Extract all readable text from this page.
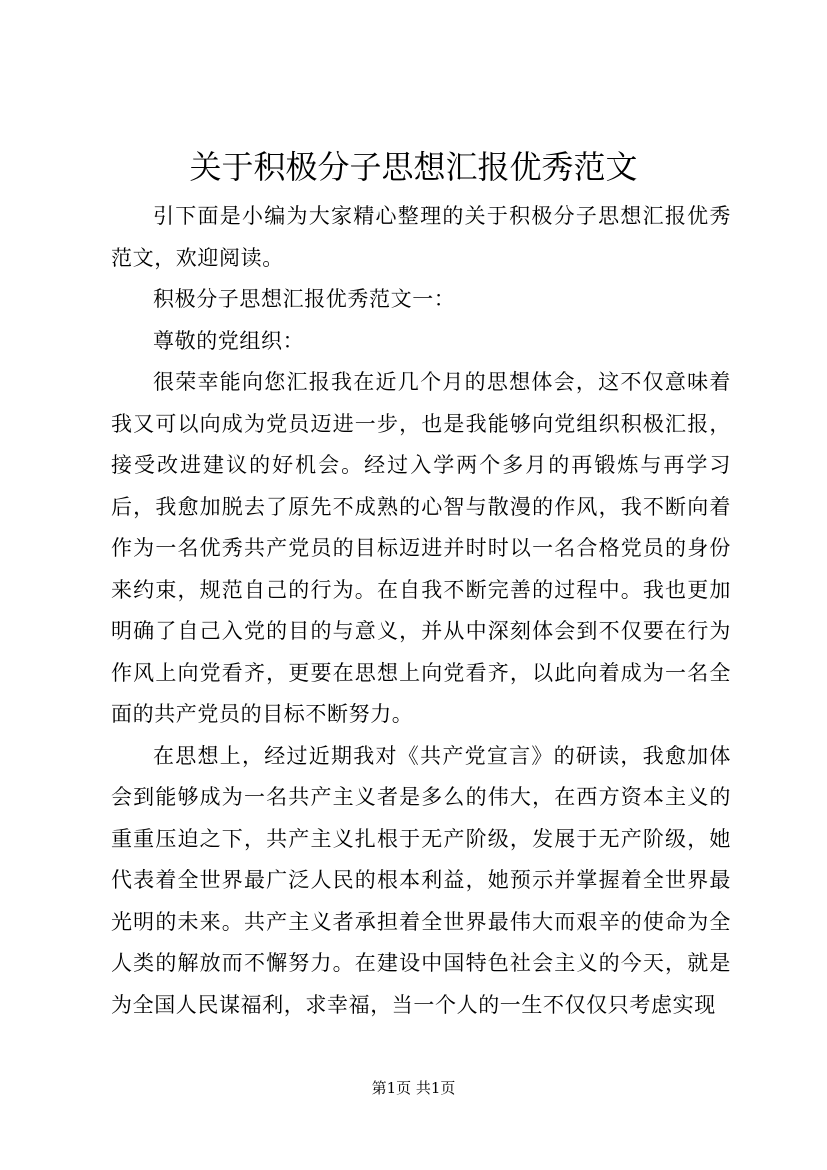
关于积极分子思想汇报优秀范文

引下面是小编为大家精心整理的关于积极分子思想汇报优秀范文，欢迎阅读。

积极分子思想汇报优秀范文一：

尊敬的党组织：

很荣幸能向您汇报我在近几个月的思想体会，这不仅意味着我又可以向成为党员迈进一步，也是我能够向党组织积极汇报，接受改进建议的好机会。经过入学两个多月的再锻炼与再学习后，我愈加脱去了原先不成熟的心智与散漫的作风，我不断向着作为一名优秀共产党员的目标迈进并时时以一名合格党员的身份来约束，规范自己的行为。在自我不断完善的过程中。我也更加明确了自己入党的目的与意义，并从中深刻体会到不仅要在行为作风上向党看齐，更要在思想上向党看齐，以此向着成为一名全面的共产党员的目标不断努力。

在思想上，经过近期我对《共产党宣言》的研读，我愈加体会到能够成为一名共产主义者是多么的伟大，在西方资本主义的重重压迫之下，共产主义扎根于无产阶级，发展于无产阶级，她代表着全世界最广泛人民的根本利益，她预示并掌握着全世界最光明的未来。共产主义者承担着全世界最伟大而艰辛的使命为全人类的解放而不懈努力。在建设中国特色社会主义的今天，就是为全国人民谋福利，求幸福，当一个人的一生不仅仅只考虑实现

第1页 共1页
